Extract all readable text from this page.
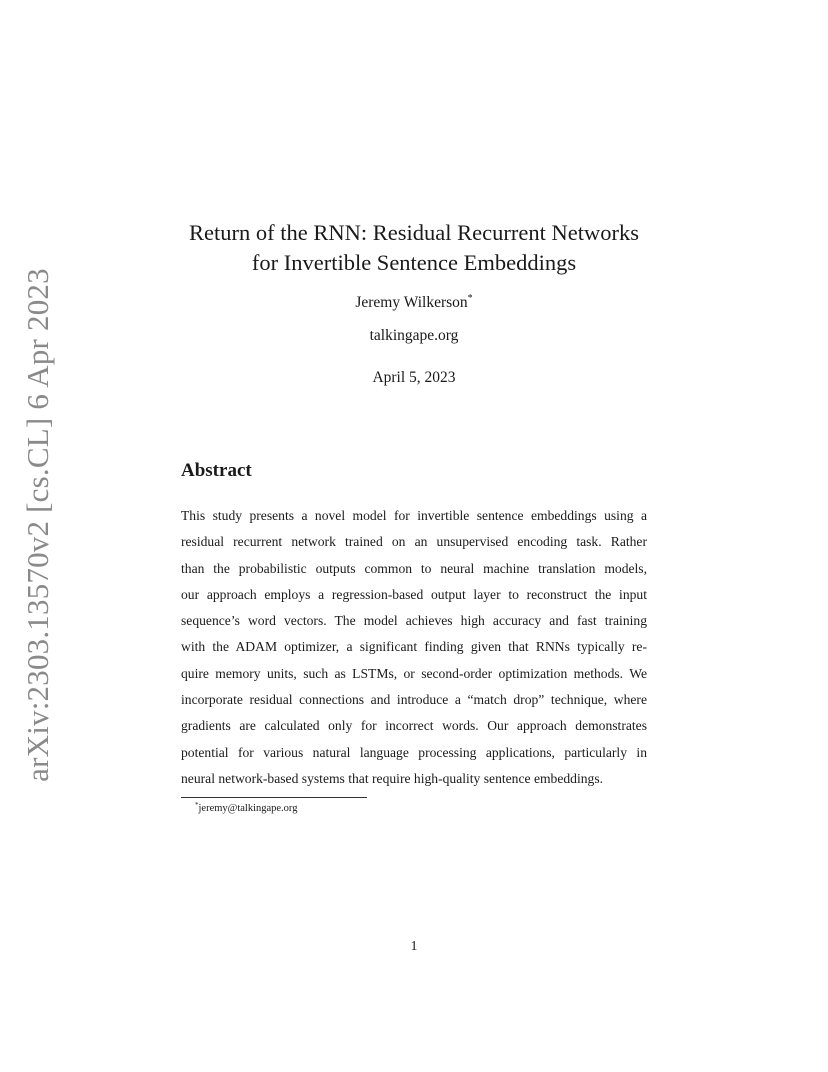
arXiv:2303.13570v2 [cs.CL] 6 Apr 2023
Return of the RNN: Residual Recurrent Networks
for Invertible Sentence Embeddings
Jeremy Wilkerson*
talkingape.org
April 5, 2023
Abstract
This study presents a novel model for invertible sentence embeddings using a
residual recurrent network trained on an unsupervised encoding task. Rather
than the probabilistic outputs common to neural machine translation models,
our approach employs a regression-based output layer to reconstruct the input
sequence’s word vectors. The model achieves high accuracy and fast training
with the ADAM optimizer, a significant finding given that RNNs typically re-
quire memory units, such as LSTMs, or second-order optimization methods. We
incorporate residual connections and introduce a “match drop” technique, where
gradients are calculated only for incorrect words. Our approach demonstrates
potential for various natural language processing applications, particularly in
neural network-based systems that require high-quality sentence embeddings.
*jeremy@talkingape.org
1
